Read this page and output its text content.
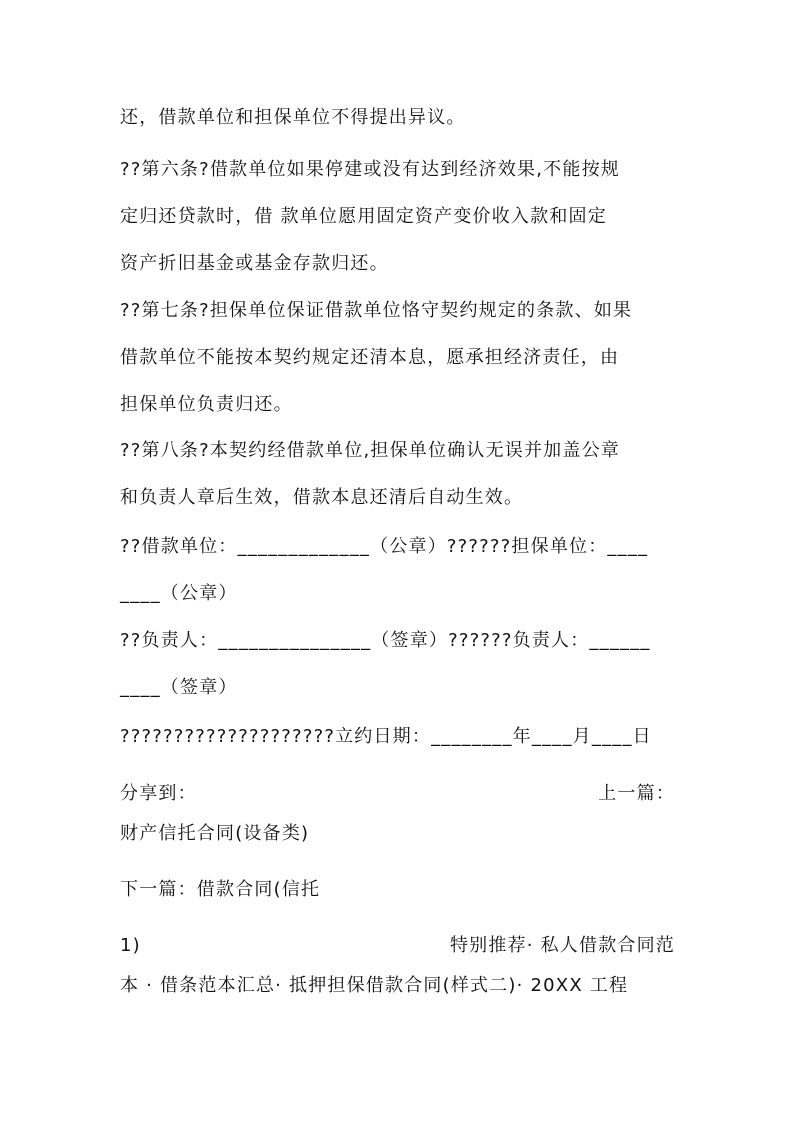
还，借款单位和担保单位不得提出异议。

??第六条?借款单位如果停建或没有达到经济效果,不能按规
定归还贷款时，借 款单位愿用固定资产变价收入款和固定
资产折旧基金或基金存款归还。

??第七条?担保单位保证借款单位恪守契约规定的条款、如果
借款单位不能按本契约规定还清本息，愿承担经济责任，由
担保单位负责归还。

??第八条?本契约经借款单位,担保单位确认无误并加盖公章
和负责人章后生效，借款本息还清后自动生效。

??借款单位：_____________（公章）??????担保单位：____
____（公章）

??负责人：_______________（签章）??????负责人：______
____（签章）

????????????????????立约日期：________年____月____日

分享到：	上一篇：
财产信托合同(设备类)
下一篇：借款合同(信托
1)	特别推荐· 私人借款合同范
本 · 借条范本汇总· 抵押担保借款合同(样式二)· 20XX 工程
